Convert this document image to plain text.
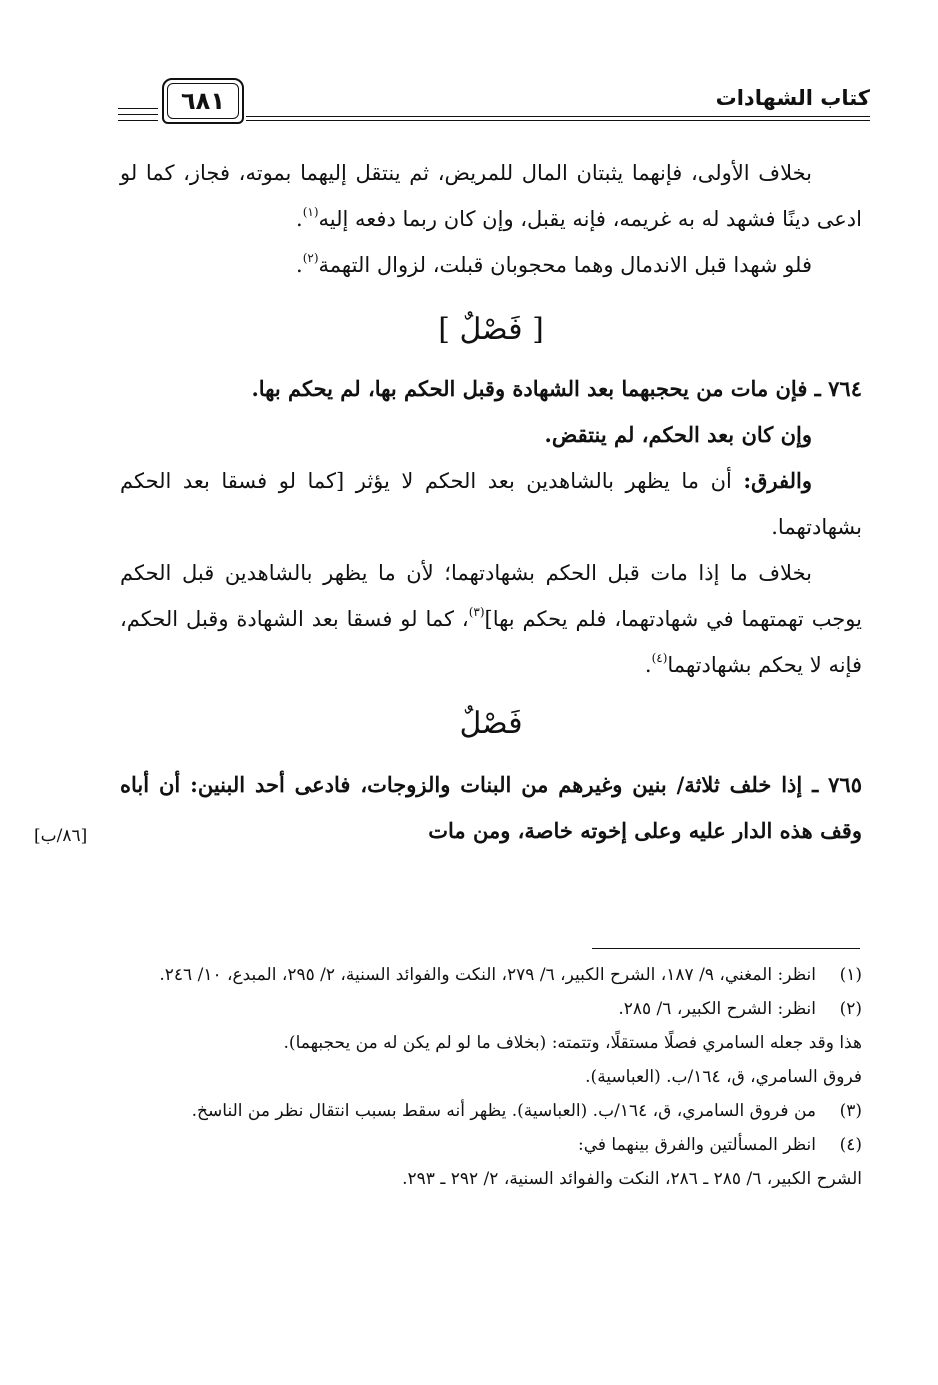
كتاب الشهادات
٦٨١

بخلاف الأولى، فإنهما يثبتان المال للمريض، ثم ينتقل إليهما بموته، فجاز، كما لو ادعى دينًا فشهد له به غريمه، فإنه يقبل، وإن كان ربما دفعه إليه$^{(١)}$.

فلو شهدا قبل الاندمال وهما محجوبان قبلت، لزوال التهمة$^{(٢)}$.

[ فَصْلٌ ]

٧٦٤ ـ فإن مات من يحجبهما بعد الشهادة وقبل الحكم بها، لم يحكم بها.

وإن كان بعد الحكم، لم ينتقض.

والفرق: أن ما يظهر بالشاهدين بعد الحكم لا يؤثر [كما لو فسقا بعد الحكم بشهادتهما.

بخلاف ما إذا مات قبل الحكم بشهادتهما؛ لأن ما يظهر بالشاهدين قبل الحكم يوجب تهمتهما في شهادتهما، فلم يحكم بها]$^{(٣)}$، كما لو فسقا بعد الشهادة وقبل الحكم، فإنه لا يحكم بشهادتهما$^{(٤)}$.

فَصْلٌ

٧٦٥ ـ إذا خلف ثلاثة/ بنين وغيرهم من البنات والزوجات، فادعى أحد البنين: أن أباه وقف هذه الدار عليه وعلى إخوته خاصة، ومن مات

[٨٦/ب]

(١)
انظر: المغني، ٩/ ١٨٧، الشرح الكبير، ٦/ ٢٧٩، النكت والفوائد السنية، ٢/ ٢٩٥، المبدع، ١٠/ ٢٤٦.

(٢)
انظر: الشرح الكبير، ٦/ ٢٨٥.

هذا وقد جعله السامري فصلًا مستقلًا، وتتمته: (بخلاف ما لو لم يكن له من يحجبهما).

فروق السامري، ق، ١٦٤/ب. (العباسية).

(٣)
من فروق السامري، ق، ١٦٤/ب. (العباسية). يظهر أنه سقط بسبب انتقال نظر من الناسخ.

(٤)
انظر المسألتين والفرق بينهما في:

الشرح الكبير، ٦/ ٢٨٥ ـ ٢٨٦، النكت والفوائد السنية، ٢/ ٢٩٢ ـ ٢٩٣.
